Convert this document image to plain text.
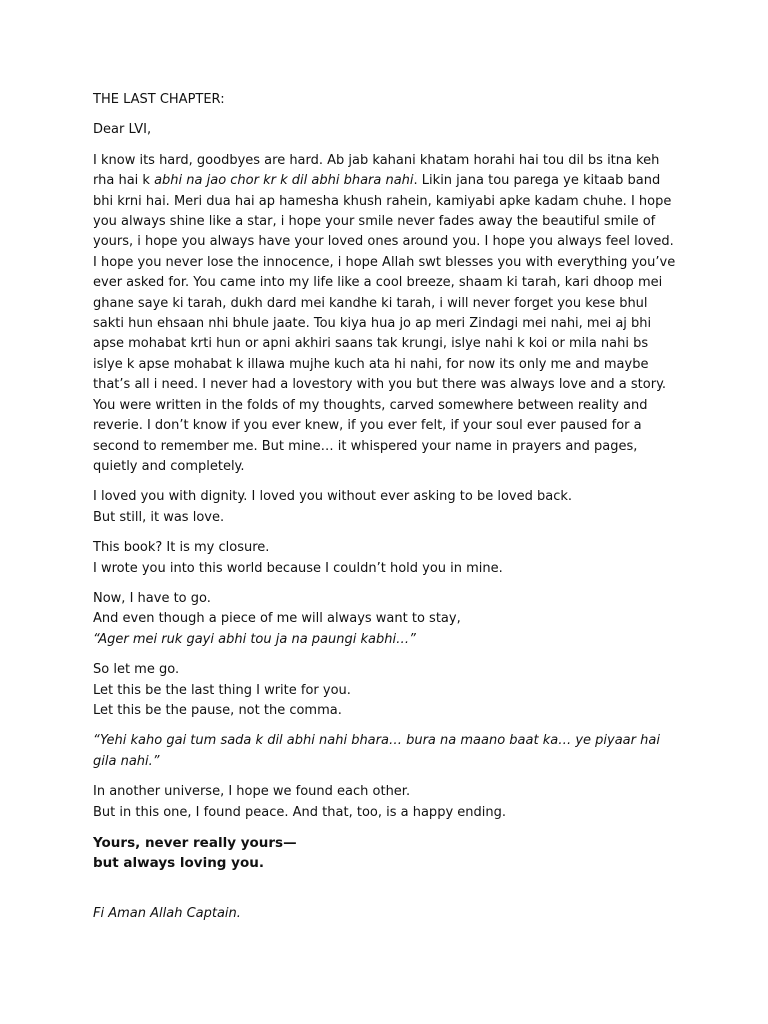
THE LAST CHAPTER:

Dear LVI,

I know its hard, goodbyes are hard. Ab jab kahani khatam horahi hai tou dil bs itna keh rha hai k abhi na jao chor kr k dil abhi bhara nahi. Likin jana tou parega ye kitaab band bhi krni hai. Meri dua hai ap hamesha khush rahein, kamiyabi apke kadam chuhe. I hope you always shine like a star, i hope your smile never fades away the beautiful smile of yours, i hope you always have your loved ones around you. I hope you always feel loved. I hope you never lose the innocence, i hope Allah swt blesses you with everything you’ve ever asked for. You came into my life like a cool breeze, shaam ki tarah, kari dhoop mei ghane saye ki tarah, dukh dard mei kandhe ki tarah, i will never forget you kese bhul sakti hun ehsaan nhi bhule jaate. Tou kiya hua jo ap meri Zindagi mei nahi, mei aj bhi apse mohabat krti hun or apni akhiri saans tak krungi, islye nahi k koi or mila nahi bs islye k apse mohabat k illawa mujhe kuch ata hi nahi, for now its only me and maybe that’s all i need. I never had a lovestory with you but there was always love and a story. You were written in the folds of my thoughts, carved somewhere between reality and reverie. I don’t know if you ever knew, if you ever felt, if your soul ever paused for a second to remember me. But mine… it whispered your name in prayers and pages, quietly and completely.

I loved you with dignity. I loved you without ever asking to be loved back.
But still, it was love.

This book? It is my closure.
I wrote you into this world because I couldn’t hold you in mine.

Now, I have to go.
And even though a piece of me will always want to stay,
“Ager mei ruk gayi abhi tou ja na paungi kabhi…”

So let me go.
Let this be the last thing I write for you.
Let this be the pause, not the comma.

“Yehi kaho gai tum sada k dil abhi nahi bhara… bura na maano baat ka… ye piyaar hai gila nahi.”

In another universe, I hope we found each other.
But in this one, I found peace. And that, too, is a happy ending.

Yours, never really yours—
but always loving you.

Fi Aman Allah Captain.
